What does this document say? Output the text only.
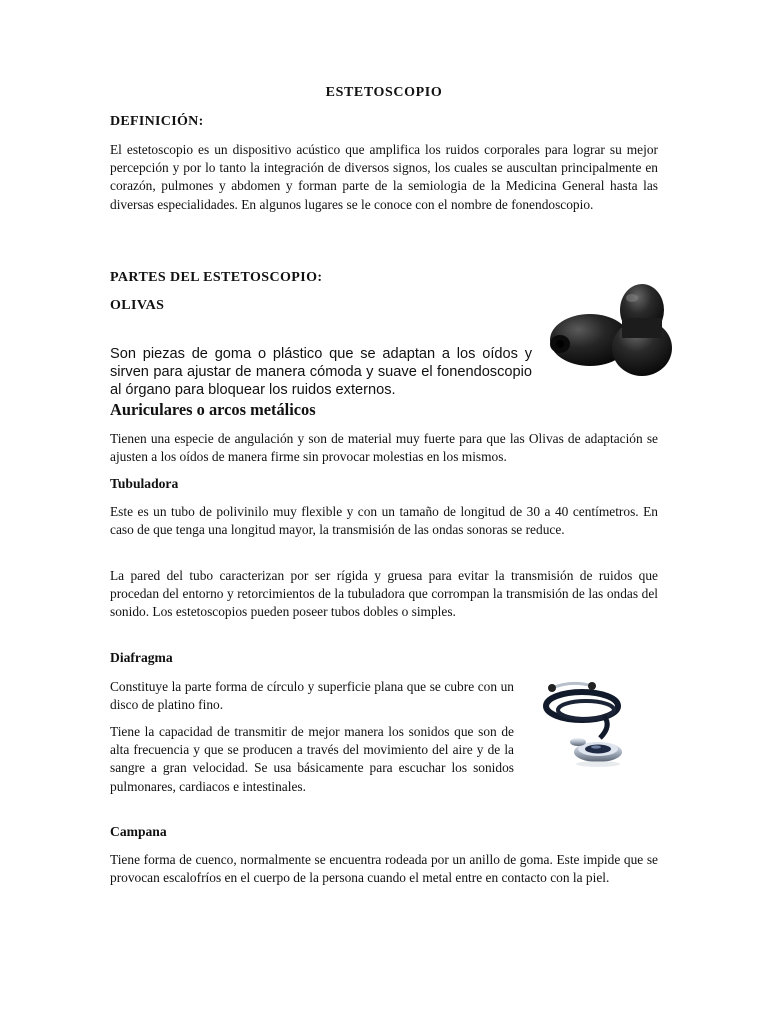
ESTETOSCOPIO
DEFINICIÓN:

El estetoscopio es un dispositivo acústico que amplifica los ruidos corporales para lograr su mejor percepción y por lo tanto la integración de diversos signos, los cuales se auscultan principalmente en corazón, pulmones y abdomen y forman parte de la semiologia de la Medicina General hasta las diversas especialidades. En algunos lugares se le conoce con el nombre de fonendoscopio.

PARTES DEL ESTETOSCOPIO:
OLIVAS

Son piezas de goma o plástico que se adaptan a los oídos y sirven para ajustar de manera cómoda y suave el fonendoscopio al órgano para bloquear los ruidos externos.

Auriculares o arcos metálicos

Tienen una especie de angulación y son de material muy fuerte para que las Olivas de adaptación se ajusten a los oídos de manera firme sin provocar molestias en los mismos.

Tubuladora

Este es un tubo de polivinilo muy flexible y con un tamaño de longitud de 30 a 40 centímetros. En caso de que tenga una longitud mayor, la transmisión de las ondas sonoras se reduce.

La pared del tubo caracterizan por ser rígida y gruesa para evitar la transmisión de ruidos que procedan del entorno y retorcimientos de la tubuladora que corrompan la transmisión de las ondas del sonido. Los estetoscopios pueden poseer tubos dobles o simples.

Diafragma

Constituye la parte forma de círculo y superficie plana que se cubre con un disco de platino fino.

Tiene la capacidad de transmitir de mejor manera los sonidos que son de alta frecuencia y que se producen a través del movimiento del aire y de la sangre a gran velocidad. Se usa básicamente para escuchar los sonidos pulmonares, cardiacos e intestinales.

Campana

Tiene forma de cuenco, normalmente se encuentra rodeada por un anillo de goma. Este impide que se provocan escalofríos en el cuerpo de la persona cuando el metal entre en contacto con la piel.
